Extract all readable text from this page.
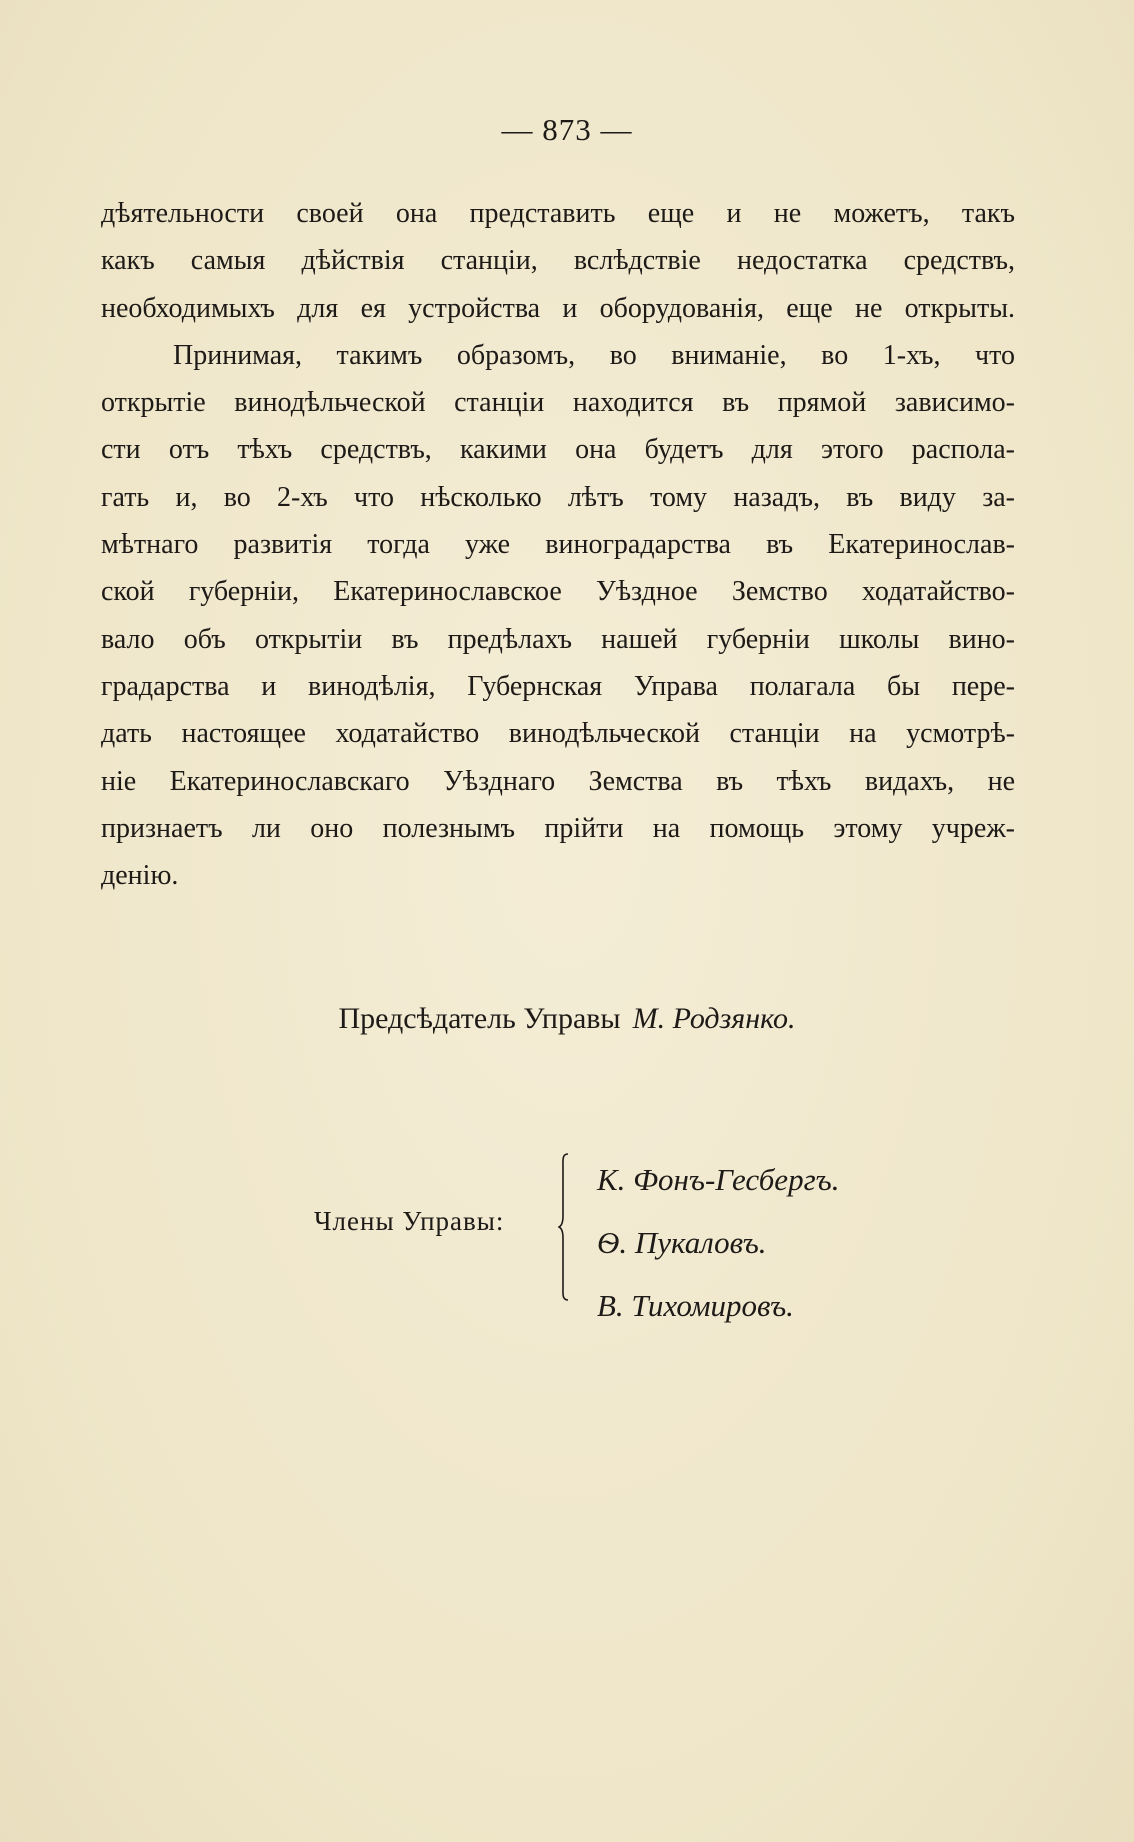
— 873 —
дѣятельности своей она представить еще и не можетъ, такъ
какъ самыя дѣйствія станціи, вслѣдствіе недостатка средствъ,
необходимыхъ для ея устройства и оборудованія, еще не открыты.
Принимая, такимъ образомъ, во вниманіе, во 1-хъ, что
открытіе винодѣльческой станціи находится въ прямой зависимо-
сти отъ тѣхъ средствъ, какими она будетъ для этого распола-
гать и, во 2-хъ что нѣсколько лѣтъ тому назадъ, въ виду за-
мѣтнаго развитія тогда уже виноградарства въ Екатеринослав-
ской губерніи, Екатеринославское Уѣздное Земство ходатайство-
вало объ открытіи въ предѣлахъ нашей губерніи школы вино-
градарства и винодѣлія, Губернская Управа полагала бы пере-
дать настоящее ходатайство винодѣльческой станціи на усмотрѣ-
ніе Екатеринославскаго Уѣзднаго Земства въ тѣхъ видахъ, не
признаетъ ли оно полезнымъ прійти на помощь этому учреж-
денію.
Предсѣдатель Управы М. Родзянко.
Члены Управы:
К. Фонъ-Гесбергъ.
Ѳ. Пукаловъ.
В. Тихомировъ.
